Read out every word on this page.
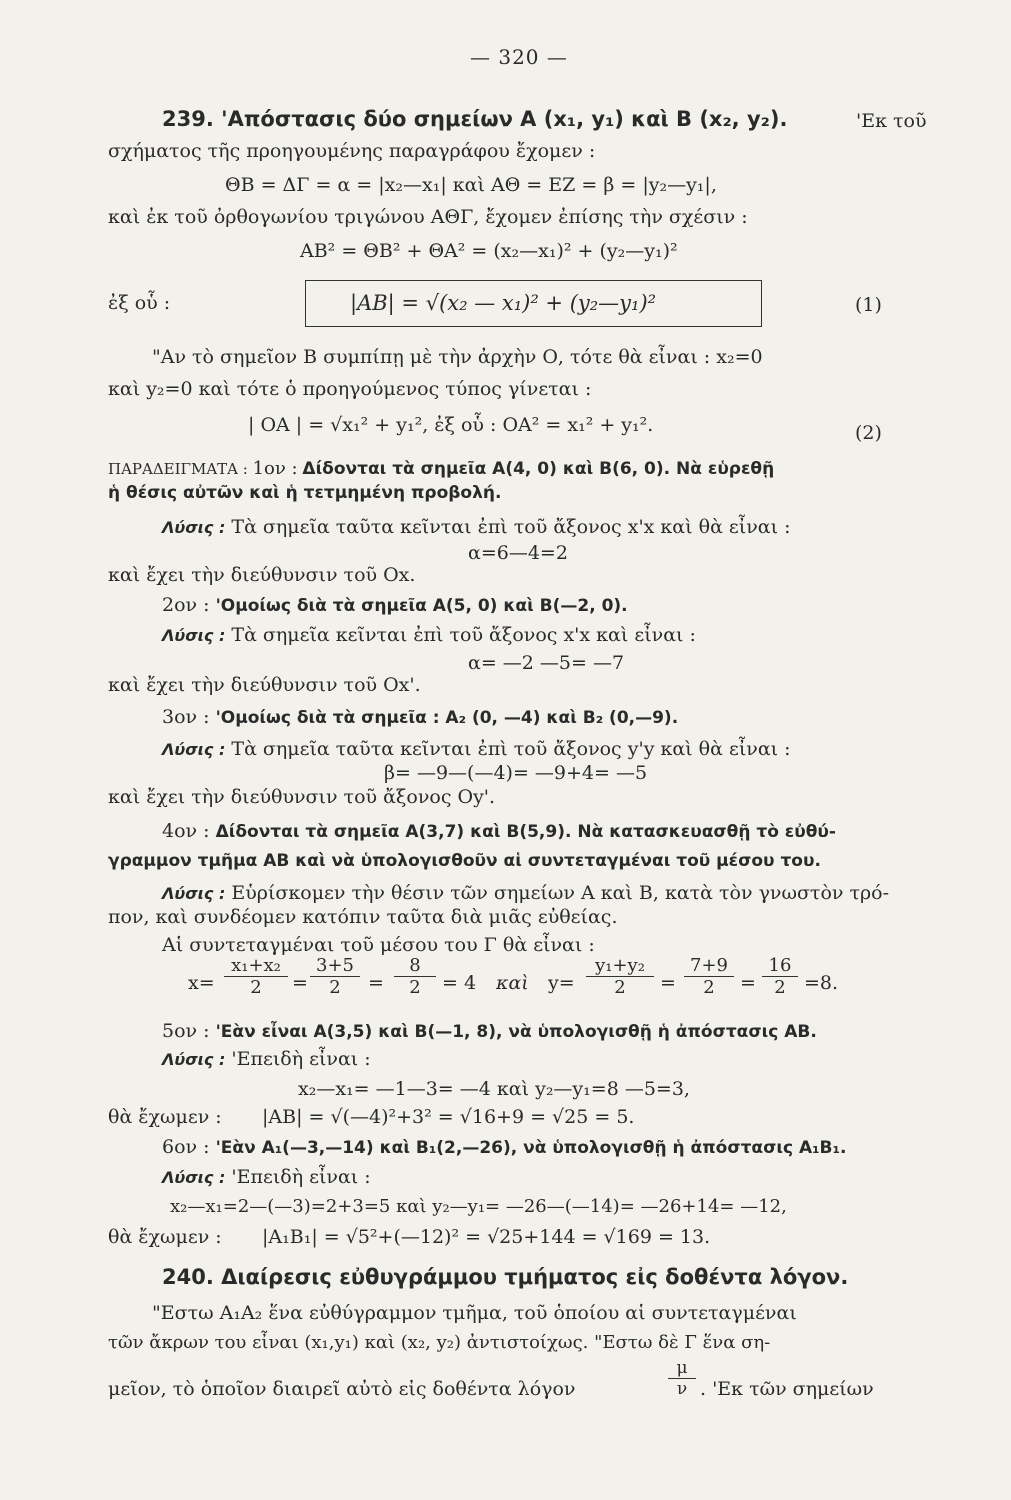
— 320 —
239. 'Απόστασις δύο σημείων Α (x₁, y₁) καὶ Β (x₂, y₂).	'Εκ τοῦ
σχήματος τῆς προηγουμένης παραγράφου ἔχομεν :
ΘΒ = ΔΓ = α = |x₂—x₁| καὶ ΑΘ = ΕΖ = β = |y₂—y₁|,
καὶ ἐκ τοῦ ὀρθογωνίου τριγώνου ΑΘΓ, ἔχομεν ἐπίσης τὴν σχέσιν :
ΑΒ² = ΘΒ² + ΘΑ² = (x₂—x₁)² + (y₂—y₁)²
ἐξ οὗ :	|ΑΒ| = √(x₂ — x₁)² + (y₂—y₁)²	(1)
"Αν τὸ σημεῖον Β συμπίπῃ μὲ τὴν ἀρχὴν Ο, τότε θὰ εἶναι : x₂=0
καὶ y₂=0 καὶ τότε ὁ προηγούμενος τύπος γίνεται :
| ΟΑ | = √x₁² + y₁², ἐξ οὗ : ΟΑ² = x₁² + y₁².	(2)
ΠΑΡΑΔΕΙΓΜΑΤΑ : 1ον : Δίδονται τὰ σημεῖα Α(4, 0) καὶ Β(6, 0). Νὰ εὑρεθῇ
ἡ θέσις αὐτῶν καὶ ἡ τετμημένη προβολή.
Λύσις : Τὰ σημεῖα ταῦτα κεῖνται ἐπὶ τοῦ ἄξονος x'x καὶ θὰ εἶναι :
α=6—4=2
καὶ ἔχει τὴν διεύθυνσιν τοῦ Ox.
2ον : 'Ομοίως διὰ τὰ σημεῖα Α(5, 0) καὶ Β(—2, 0).
Λύσις : Τὰ σημεῖα κεῖνται ἐπὶ τοῦ ἄξονος x'x καὶ εἶναι :
α= —2 —5= —7
καὶ ἔχει τὴν διεύθυνσιν τοῦ Ox'.
3ον : 'Ομοίως διὰ τὰ σημεῖα : Α₂ (0, —4) καὶ Β₂ (0,—9).
Λύσις : Τὰ σημεῖα ταῦτα κεῖνται ἐπὶ τοῦ ἄξονος y'y καὶ θὰ εἶναι :
β= —9—(—4)= —9+4= —5
καὶ ἔχει τὴν διεύθυνσιν τοῦ ἄξονος Oy'.
4ον : Δίδονται τὰ σημεῖα Α(3,7) καὶ Β(5,9). Νὰ κατασκευασθῇ τὸ εὐθύ-
γραμμον τμῆμα ΑΒ καὶ νὰ ὑπολογισθοῦν αἱ συντεταγμέναι τοῦ μέσου του.
Λύσις : Εὑρίσκομεν τὴν θέσιν τῶν σημείων Α καὶ Β, κατὰ τὸν γνωστὸν τρό-
πον, καὶ συνδέομεν κατόπιν ταῦτα διὰ μιᾶς εὐθείας.
Αἱ συντεταγμέναι τοῦ μέσου του Γ θὰ εἶναι :
$x= \frac{\text{x₁+x₂}}{2} = \frac{3+5}{2} = \frac{8}{2} = 4$ καὶ $y= \frac{\text{y₁+y₂}}{2} = \frac{7+9}{2} = \frac{16}{2} =8$.
5ον : 'Εὰν εἶναι Α(3,5) καὶ Β(—1, 8), νὰ ὑπολογισθῇ ἡ ἀπόστασις ΑΒ.
Λύσις : 'Επειδὴ εἶναι :
x₂—x₁= —1—3= —4 καὶ y₂—y₁=8 —5=3,
θὰ ἔχωμεν : |ΑΒ| = √(—4)²+3² = √16+9 = √25 = 5.
6ον : 'Εὰν Α₁(—3,—14) καὶ Β₁(2,—26), νὰ ὑπολογισθῇ ἡ ἀπόστασις Α₁Β₁.
Λύσις : 'Επειδὴ εἶναι :
x₂—x₁=2—(—3)=2+3=5 καὶ y₂—y₁= —26—(—14)= —26+14= —12,
θὰ ἔχωμεν : |Α₁Β₁| = √5²+(—12)² = √25+144 = √169 = 13.
240. Διαίρεσις εὐθυγράμμου τμήματος εἰς δοθέντα λόγον.
"Εστω Α₁Α₂ ἕνα εὐθύγραμμον τμῆμα, τοῦ ὁποίου αἱ συντεταγμέναι
τῶν ἄκρων του εἶναι (x₁,y₁) καὶ (x₂, y₂) ἀντιστοίχως. "Εστω δὲ Γ ἕνα ση-
μεῖον, τὸ ὁποῖον διαιρεῖ αὐτὸ εἰς δοθέντα λόγον	$\frac{\mu}{\nu}$ . 'Εκ τῶν σημείων
